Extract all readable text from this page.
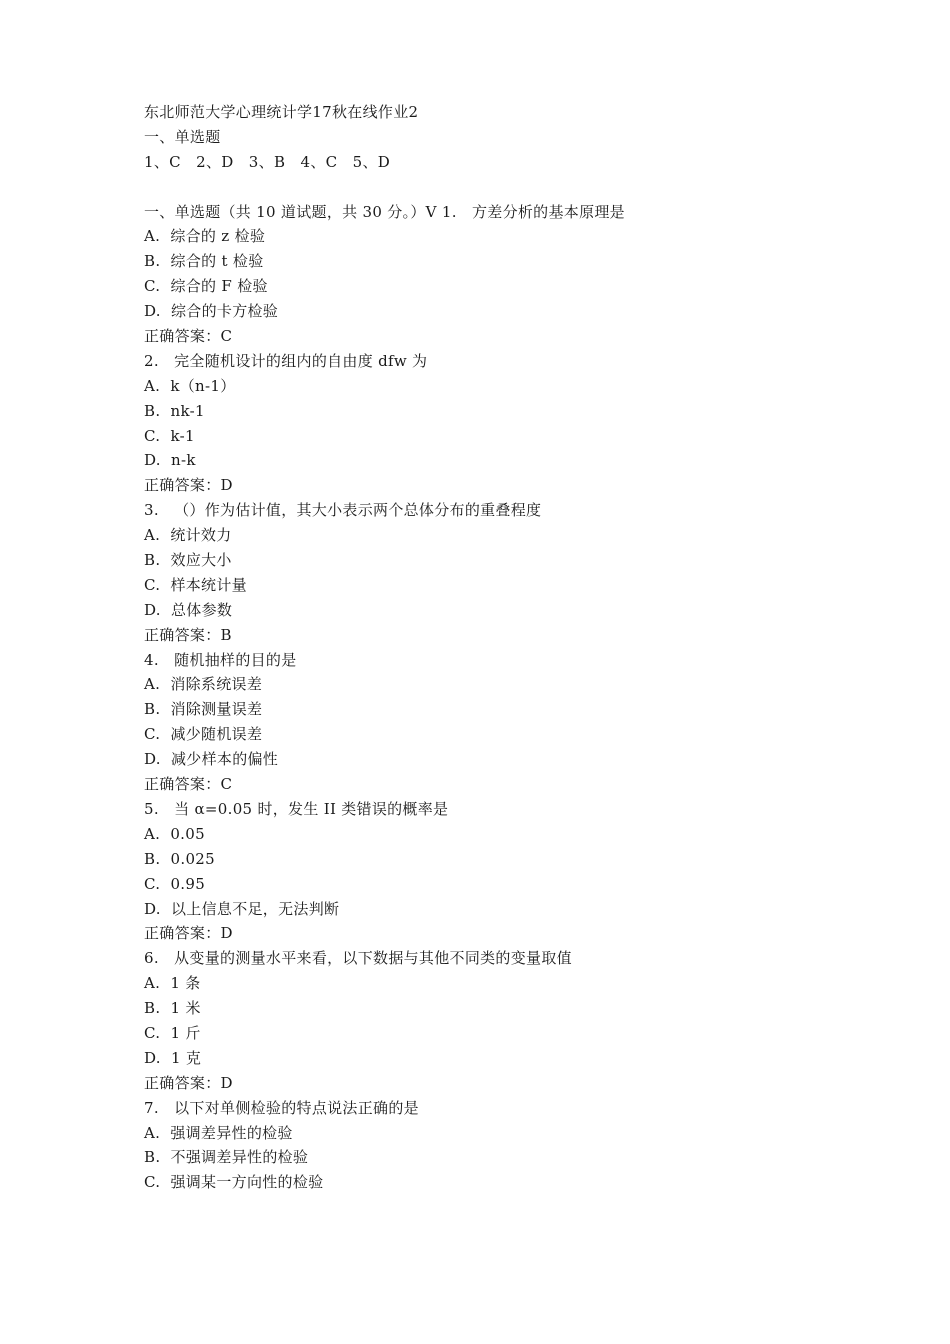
东北师范大学心理统计学17秋在线作业2
一、单选题
1、C   2、D   3、B   4、C   5、D
一、单选题（共 10 道试题，共 30 分。）V 1.   方差分析的基本原理是
A.  综合的 z 检验
B.  综合的 t 检验
C.  综合的 F 检验
D.  综合的卡方检验
正确答案：C
2.   完全随机设计的组内的自由度 dfw 为
A.  k（n-1）
B.  nk-1
C.  k-1
D.  n-k
正确答案：D
3.   （）作为估计值，其大小表示两个总体分布的重叠程度
A.  统计效力
B.  效应大小
C.  样本统计量
D.  总体参数
正确答案：B
4.   随机抽样的目的是
A.  消除系统误差
B.  消除测量误差
C.  减少随机误差
D.  减少样本的偏性
正确答案：C
5.   当 α=0.05 时，发生 II 类错误的概率是
A.  0.05
B.  0.025
C.  0.95
D.  以上信息不足，无法判断
正确答案：D
6.   从变量的测量水平来看，以下数据与其他不同类的变量取值
A.  1 条
B.  1 米
C.  1 斤
D.  1 克
正确答案：D
7.   以下对单侧检验的特点说法正确的是
A.  强调差异性的检验
B.  不强调差异性的检验
C.  强调某一方向性的检验
